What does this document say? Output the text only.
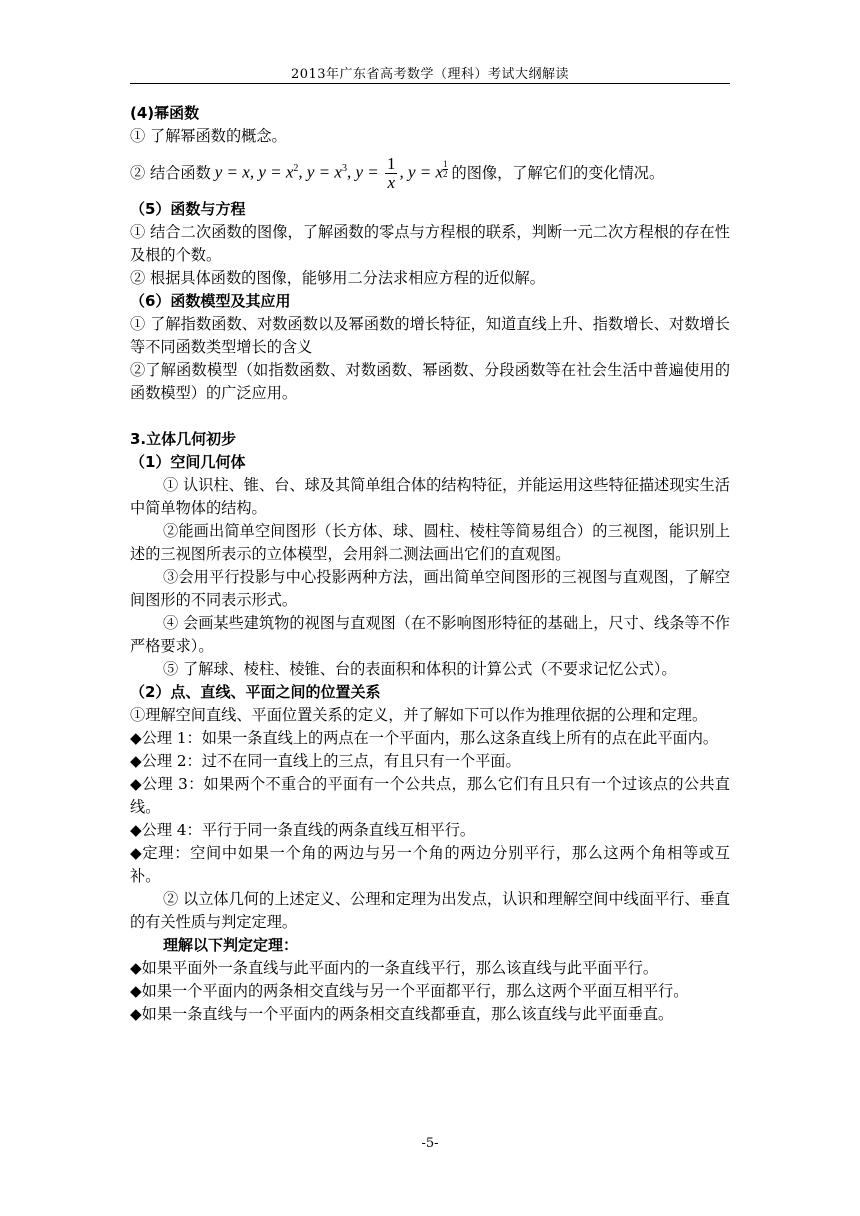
2013年广东省高考数学（理科）考试大纲解读

(4)幂函数

① 了解幂函数的概念。

② 结合函数 y = x, $y = x^2$, $y = x^3$, $y = \frac{1}{x}$ , y = x $\frac{1}{2}$ 的图像，了解它们的变化情况。

（5）函数与方程

① 结合二次函数的图像，了解函数的零点与方程根的联系，判断一元二次方程根的存在性及根的个数。

② 根据具体函数的图像，能够用二分法求相应方程的近似解。

（6）函数模型及其应用

① 了解指数函数、对数函数以及幂函数的增长特征，知道直线上升、指数增长、对数增长等不同函数类型增长的含义

②了解函数模型（如指数函数、对数函数、幂函数、分段函数等在社会生活中普遍使用的函数模型）的广泛应用。

3.立体几何初步

（1）空间几何体

① 认识柱、锥、台、球及其简单组合体的结构特征，并能运用这些特征描述现实生活中简单物体的结构。

②能画出简单空间图形（长方体、球、圆柱、棱柱等简易组合）的三视图，能识别上述的三视图所表示的立体模型，会用斜二测法画出它们的直观图。

③会用平行投影与中心投影两种方法，画出简单空间图形的三视图与直观图，了解空间图形的不同表示形式。

④ 会画某些建筑物的视图与直观图（在不影响图形特征的基础上，尺寸、线条等不作严格要求）。

⑤ 了解球、棱柱、棱锥、台的表面积和体积的计算公式（不要求记忆公式）。

（2）点、直线、平面之间的位置关系

①理解空间直线、平面位置关系的定义，并了解如下可以作为推理依据的公理和定理。

◆公理 1：如果一条直线上的两点在一个平面内，那么这条直线上所有的点在此平面内。

◆公理 2：过不在同一直线上的三点，有且只有一个平面。

◆公理 3：如果两个不重合的平面有一个公共点，那么它们有且只有一个过该点的公共直线。

◆公理 4：平行于同一条直线的两条直线互相平行。

◆定理：空间中如果一个角的两边与另一个角的两边分别平行，那么这两个角相等或互补。

② 以立体几何的上述定义、公理和定理为出发点，认识和理解空间中线面平行、垂直的有关性质与判定定理。

理解以下判定定理：

◆如果平面外一条直线与此平面内的一条直线平行，那么该直线与此平面平行。

◆如果一个平面内的两条相交直线与另一个平面都平行，那么这两个平面互相平行。

◆如果一条直线与一个平面内的两条相交直线都垂直，那么该直线与此平面垂直。

-5-
